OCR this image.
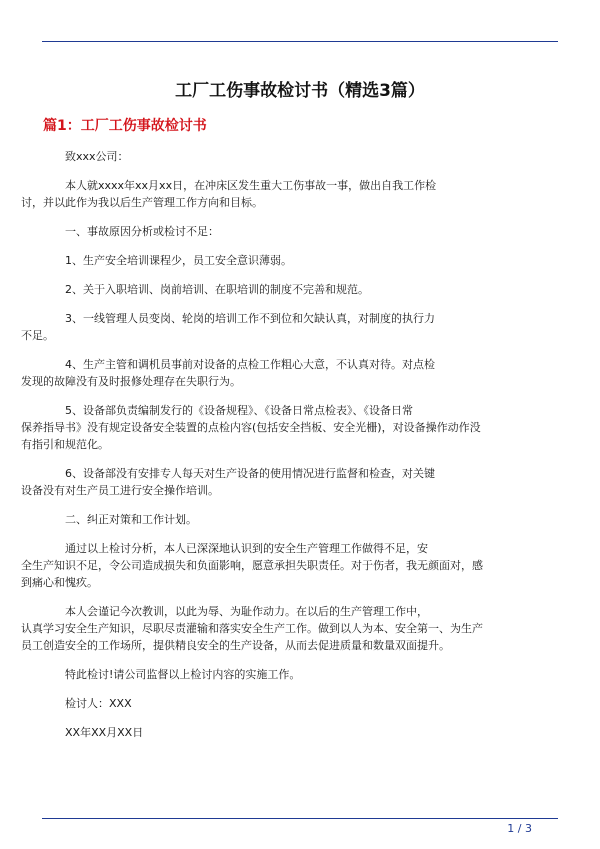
工厂工伤事故检讨书（精选3篇）
篇1：工厂工伤事故检讨书
致xxx公司：
本人就xxxx年xx月xx日，在冲床区发生重大工伤事故一事，做出自我工作检
讨，并以此作为我以后生产管理工作方向和目标。
一、事故原因分析或检讨不足：
1、生产安全培训课程少，员工安全意识薄弱。
2、关于入职培训、岗前培训、在职培训的制度不完善和规范。
3、一线管理人员变岗、轮岗的培训工作不到位和欠缺认真，对制度的执行力
不足。
4、生产主管和调机员事前对设备的点检工作粗心大意，不认真对待。对点检
发现的故障没有及时报修处理存在失职行为。
5、设备部负责编制发行的《设备规程》、《设备日常点检表》、《设备日常
保养指导书》没有规定设备安全装置的点检内容(包括安全挡板、安全光栅)，对设备操作动作没
有指引和规范化。
6、设备部没有安排专人每天对生产设备的使用情况进行监督和检查，对关键
设备没有对生产员工进行安全操作培训。
二、纠正对策和工作计划。
通过以上检讨分析，本人已深深地认识到的安全生产管理工作做得不足，安
全生产知识不足，令公司造成损失和负面影响，愿意承担失职责任。对于伤者，我无颜面对，感
到痛心和愧疚。
本人会谨记今次教训，以此为辱、为耻作动力。在以后的生产管理工作中，
认真学习安全生产知识，尽职尽责灌输和落实安全生产工作。做到以人为本、安全第一、为生产
员工创造安全的工作场所，提供精良安全的生产设备，从而去促进质量和数量双面提升。
特此检讨!请公司监督以上检讨内容的实施工作。
检讨人：XXX
XX年XX月XX日
1 / 3
